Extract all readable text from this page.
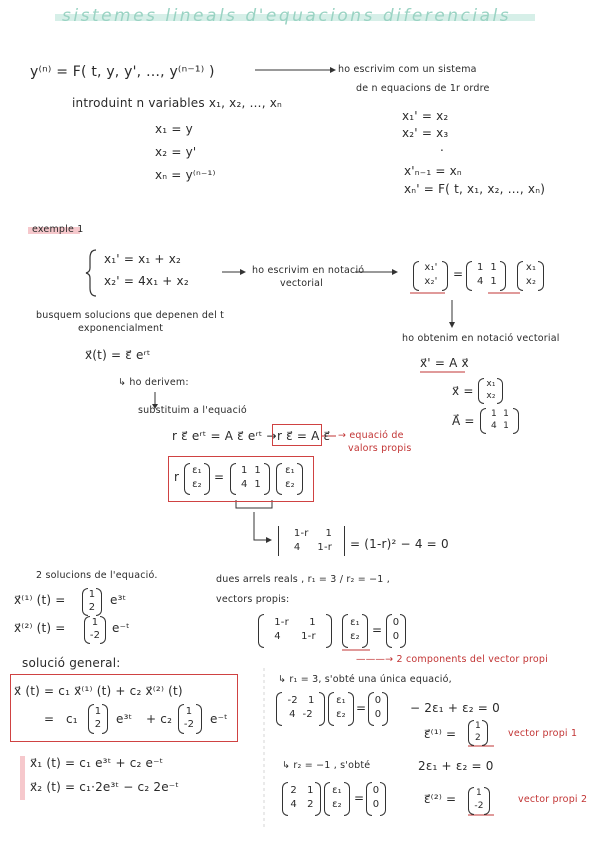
sistemes lineals d'equacions diferencials
y⁽ⁿ⁾ = F( t, y, y', …, y⁽ⁿ⁻¹⁾ )	ho escrivim com un sistema
de n equacions de 1r ordre
introduint n variables x₁, x₂, …, xₙ
x₁ = y
x₂ = y'
xₙ = y⁽ⁿ⁻¹⁾
x₁' = x₂
x₂' = x₃
.
x'ₙ₋₁ = xₙ
xₙ' = F( t, x₁, x₂, …, xₙ)
exemple 1
x₁' = x₁ + x₂
x₂' = 4x₁ + x₂
ho escrivim en notació
vectorial
x₁'
x₂'
=	1 1
4 1
x₁
x₂
ho obtenim en notació vectorial
x⃗' = A x⃗
x⃗ =	x₁
x₂
A⃗ =	1 1
4 1
busquem solucions que depenen del t
exponencialment
x⃗(t) = ε⃗ eʳᵗ
↳ ho derivem:
substituim a l'equació
r ε⃗ eʳᵗ = A ε⃗ eʳᵗ → r ε⃗ = A ε⃗ → equació de
valors propis
r	ε₁
ε₂
=	1 1
4 1
ε₁
ε₂
1-r 1
4 1-r	= (1-r)² − 4 = 0
2 solucions de l'equació.
x⃗⁽¹⁾ (t) = 1
2
e³ᵗ
x⃗⁽²⁾ (t) =	1
-2
e⁻ᵗ
dues arrels reals , r₁ = 3 / r₂ = −1 ,
vectors propis:
1-r 1
4 1-r
ε₁
ε₂	=
0
0
———→ 2 components del vector propi
solució general:
x⃗ (t) = c₁ x⃗⁽¹⁾ (t) + c₂ x⃗⁽²⁾ (t)
= c₁
1
2 e³ᵗ + c₂
1
-2 e⁻ᵗ
x⃗₁ (t) = c₁ e³ᵗ + c₂ e⁻ᵗ
x⃗₂ (t) = c₁·2e³ᵗ − c₂ 2e⁻ᵗ
↳ r₁ = 3, s'obté una única equació,
-2 1
4 -2
ε₁
ε₂ =
0
0 − 2ε₁ + ε₂ = 0
ε⃗⁽¹⁾ =
1
2	vector propi 1
↳ r₂ = −1 , s'obté	2ε₁ + ε₂ = 0
2 1
4 2
ε₁
ε₂	=
0
0	ε⃗⁽²⁾ =	1
-2
vector propi 2
